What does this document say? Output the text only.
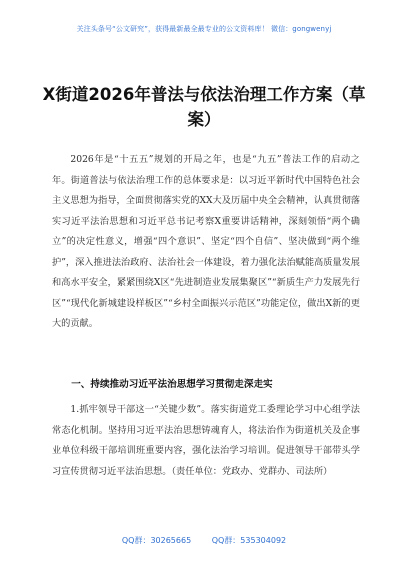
关注头条号“公文研究”，获得最新最全最专业的公文资料库！ 微信：gongwenyj
X街道2026年普法与依法治理工作方案（草案）

2026年是“十五五”规划的开局之年，也是“九五”普法工作的启动之年。街道普法与依法治理工作的总体要求是：以习近平新时代中国特色社会主义思想为指导，全面贯彻落实党的XX大及历届中央全会精神，认真贯彻落实习近平法治思想和习近平总书记考察X重要讲话精神，深刻领悟“两个确立”的决定性意义，增强“四个意识”、坚定“四个自信”、坚决做到“两个维护”，深入推进法治政府、法治社会一体建设，着力强化法治赋能高质量发展和高水平安全，紧紧围绕X区“先进制造业发展集聚区”“新质生产力发展先行区”“现代化新城建设样板区”“乡村全面振兴示范区”功能定位，做出X新的更大的贡献。

一、持续推动习近平法治思想学习贯彻走深走实

1.抓牢领导干部这一“关键少数”。落实街道党工委理论学习中心组学法常态化机制。坚持用习近平法治思想铸魂育人，将法治作为街道机关及企事业单位科级干部培训班重要内容，强化法治学习培训。促进领导干部带头学习宣传贯彻习近平法治思想。（责任单位：党政办、党群办、司法所）

QQ群：30265665	QQ群：535304092
